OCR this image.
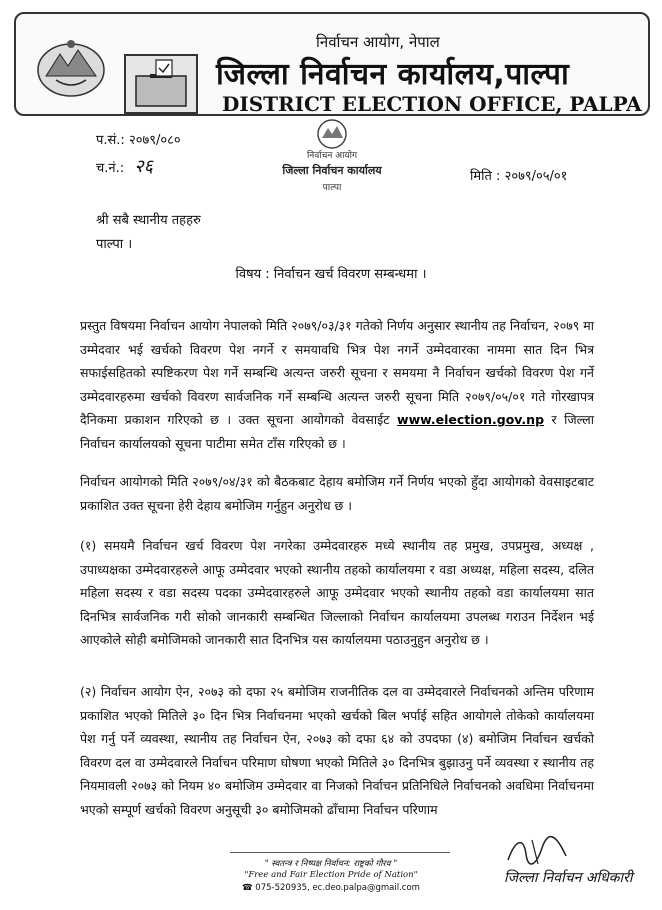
निर्वाचन आयोग, नेपाल
जिल्ला निर्वाचन कार्यालय,पाल्पा
DISTRICT ELECTION OFFICE, PALPA
प.सं.: २०७९/०८०
च.नं.: २६	निर्वाचन आयोग
जिल्ला निर्वाचन कार्यालय
पाल्पा
मिति : २०७९/०५/०१
श्री सबै स्थानीय तहहरु
पाल्पा ।
विषय : निर्वाचन खर्च विवरण सम्बन्धमा ।
प्रस्तुत विषयमा निर्वाचन आयोग नेपालको मिति २०७९/०३/३१ गतेको निर्णय अनुसार स्थानीय तह निर्वाचन, २०७९ मा उम्मेदवार भई खर्चको विवरण पेश नगर्ने र समयावधि भित्र पेश नगर्ने उम्मेदवारका नाममा सात दिन भित्र सफाईसहितको स्पष्टिकरण पेश गर्ने सम्बन्धि अत्यन्त जरुरी सूचना र समयमा नै निर्वाचन खर्चको विवरण पेश गर्ने उम्मेदवारहरुमा खर्चको विवरण सार्वजनिक गर्ने सम्बन्धि अत्यन्त जरुरी सूचना मिति २०७९/०५/०१ गते गोरखापत्र दैनिकमा प्रकाशन गरिएको छ । उक्त सूचना आयोगको वेवसाईट www.election.gov.np र जिल्ला निर्वाचन कार्यालयको सूचना पाटीमा समेत टाँस गरिएको छ ।
निर्वाचन आयोगको मिति २०७९/०४/३१ को बैठकबाट देहाय बमोजिम गर्ने निर्णय भएको हुँदा आयोगको वेवसाइटबाट प्रकाशित उक्त सूचना हेरी देहाय बमोजिम गर्नुहुन अनुरोध छ ।
(१) समयमै निर्वाचन खर्च विवरण पेश नगरेका उम्मेदवारहरु मध्ये स्थानीय तह प्रमुख, उपप्रमुख, अध्यक्ष , उपाध्यक्षका उम्मेदवारहरुले आफू उम्मेदवार भएको स्थानीय तहको कार्यालयमा र वडा अध्यक्ष, महिला सदस्य, दलित महिला सदस्य र वडा सदस्य पदका उम्मेदवारहरुले आफू उम्मेदवार भएको स्थानीय तहको वडा कार्यालयमा सात दिनभित्र सार्वजनिक गरी सोको जानकारी सम्बन्धित जिल्लाको निर्वाचन कार्यालयमा उपलब्ध गराउन निर्देशन भई आएकोले सोही बमोजिमको जानकारी सात दिनभित्र यस कार्यालयमा पठाउनुहुन अनुरोध छ ।
(२) निर्वाचन आयोग ऐन, २०७३ को दफा २५ बमोजिम राजनीतिक दल वा उम्मेदवारले निर्वाचनको अन्तिम परिणाम प्रकाशित भएको मितिले ३० दिन भित्र निर्वाचनमा भएको खर्चको बिल भर्पाई सहित आयोगले तोकेको कार्यालयमा पेश गर्नु पर्ने व्यवस्था, स्थानीय तह निर्वाचन ऐन, २०७३ को दफा ६४ को उपदफा (४) बमोजिम निर्वाचन खर्चको विवरण दल वा उम्मेदवारले निर्वाचन परिमाण घोषणा भएको मितिले ३० दिनभित्र बुझाउनु पर्ने व्यवस्था र स्थानीय तह नियमावली २०७३ को नियम ४० बमोजिम उम्मेदवार वा निजको निर्वाचन प्रतिनिधिले निर्वाचनको अवधिमा निर्वाचनमा भएको सम्पूर्ण खर्चको विवरण अनुसूची ३० बमोजिमको ढाँचामा निर्वाचन परिणाम
जिल्ला निर्वाचन अधिकारी
" स्वतन्त्र र निष्पक्ष निर्वाचन: राष्ट्रको गौरव "
"Free and Fair Election Pride of Nation"
☎ 075-520935, ec.deo.palpa@gmail.com
